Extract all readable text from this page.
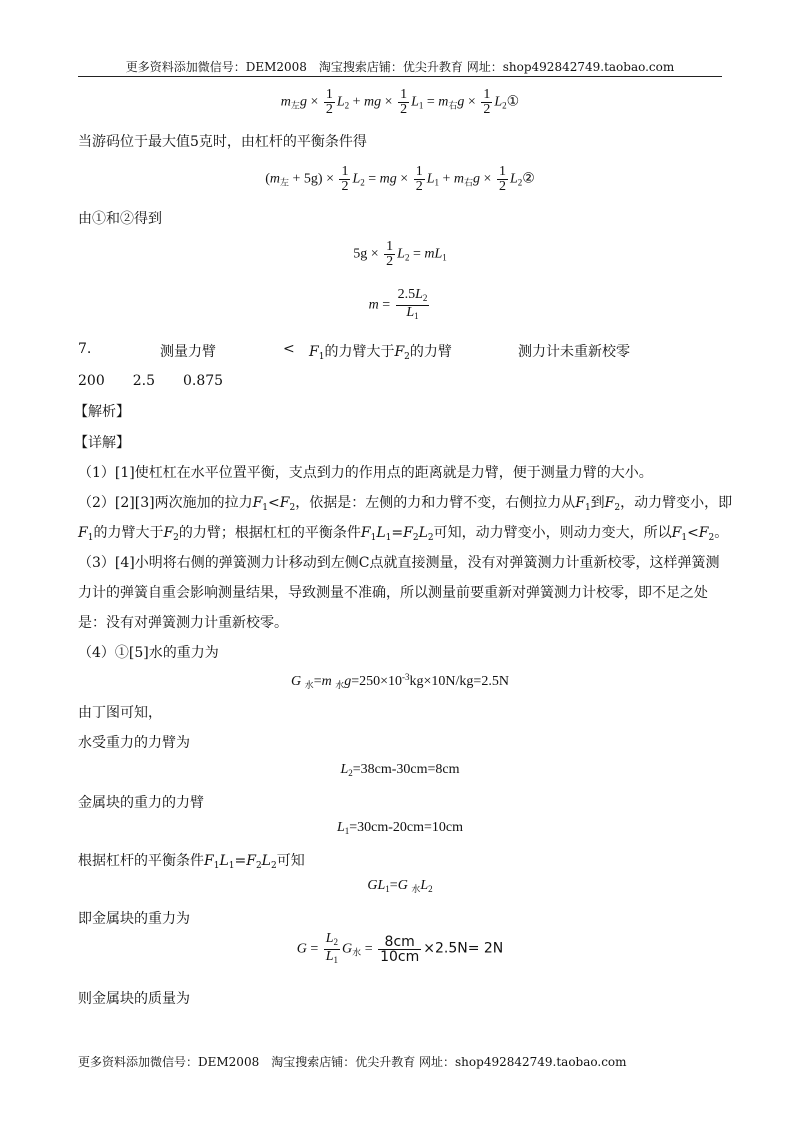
更多资料添加微信号：DEM2008　淘宝搜索店铺：优尖升教育 网址：shop492842749.taobao.com
$m_左g \times \frac{1}{2} L_2$ + mg × $\frac{1}{2} L_1 = m_右g \times \frac{1}{2}$ $L_2①$
当游码位于最大值5克时，由杠杆的平衡条件得
$(m_左 + 5g) \times \frac{1}{2} L_2$ = mg × $\frac{1}{2} L_1 + m_右g \times \frac{1}{2}$ $L_2②$
由①和②得到
$5g \times \frac{1}{2} L_2 = mL_1$
$m = \frac{2.5L_2}{L_1}$
7.	测量力臂	< $F_1$的力臂大于$F_2$的力臂	测力计未重新校零
200　　2.5　　0.875
【解析】
【详解】
（1）[1]使杠杠在水平位置平衡，支点到力的作用点的距离就是力臂，便于测量力臂的大小。
（2）[2][3]两次施加的拉力$F_1<F_2$，依据是：左侧的力和力臂不变，右侧拉力从$F_1$到$F_2$，动力臂变小，即
$F_1$的力臂大于$F_2$的力臂；根据杠杠的平衡条件$F_1L_1=F_2L_2$可知，动力臂变小，则动力变大，所以$F_1<F_2$。
（3）[4]小明将右侧的弹簧测力计移动到左侧C点就直接测量，没有对弹簧测力计重新校零，这样弹簧测
力计的弹簧自重会影响测量结果，导致测量不准确，所以测量前要重新对弹簧测力计校零，即不足之处
是：没有对弹簧测力计重新校零。
（4）①[5]水的重力为
G $_水$=m $_水g=250\times 10^{-3}kg\times 10N/kg=2.5N$
由丁图可知，
水受重力的力臂为
$L_2=38cm-30cm=8cm$
金属块的重力的力臂
$L_1=30cm-20cm=10cm$
根据杠杆的平衡条件$F_1L_1=F_2L_2$可知
$GL_1=G$ $_水L_2$
即金属块的重力为
$G = \frac{L_2}{L_1} G_水 = \frac{8cm}{10cm} \times 2.5N= 2N$
则金属块的质量为
更多资料添加微信号：DEM2008　淘宝搜索店铺：优尖升教育 网址：shop492842749.taobao.com
